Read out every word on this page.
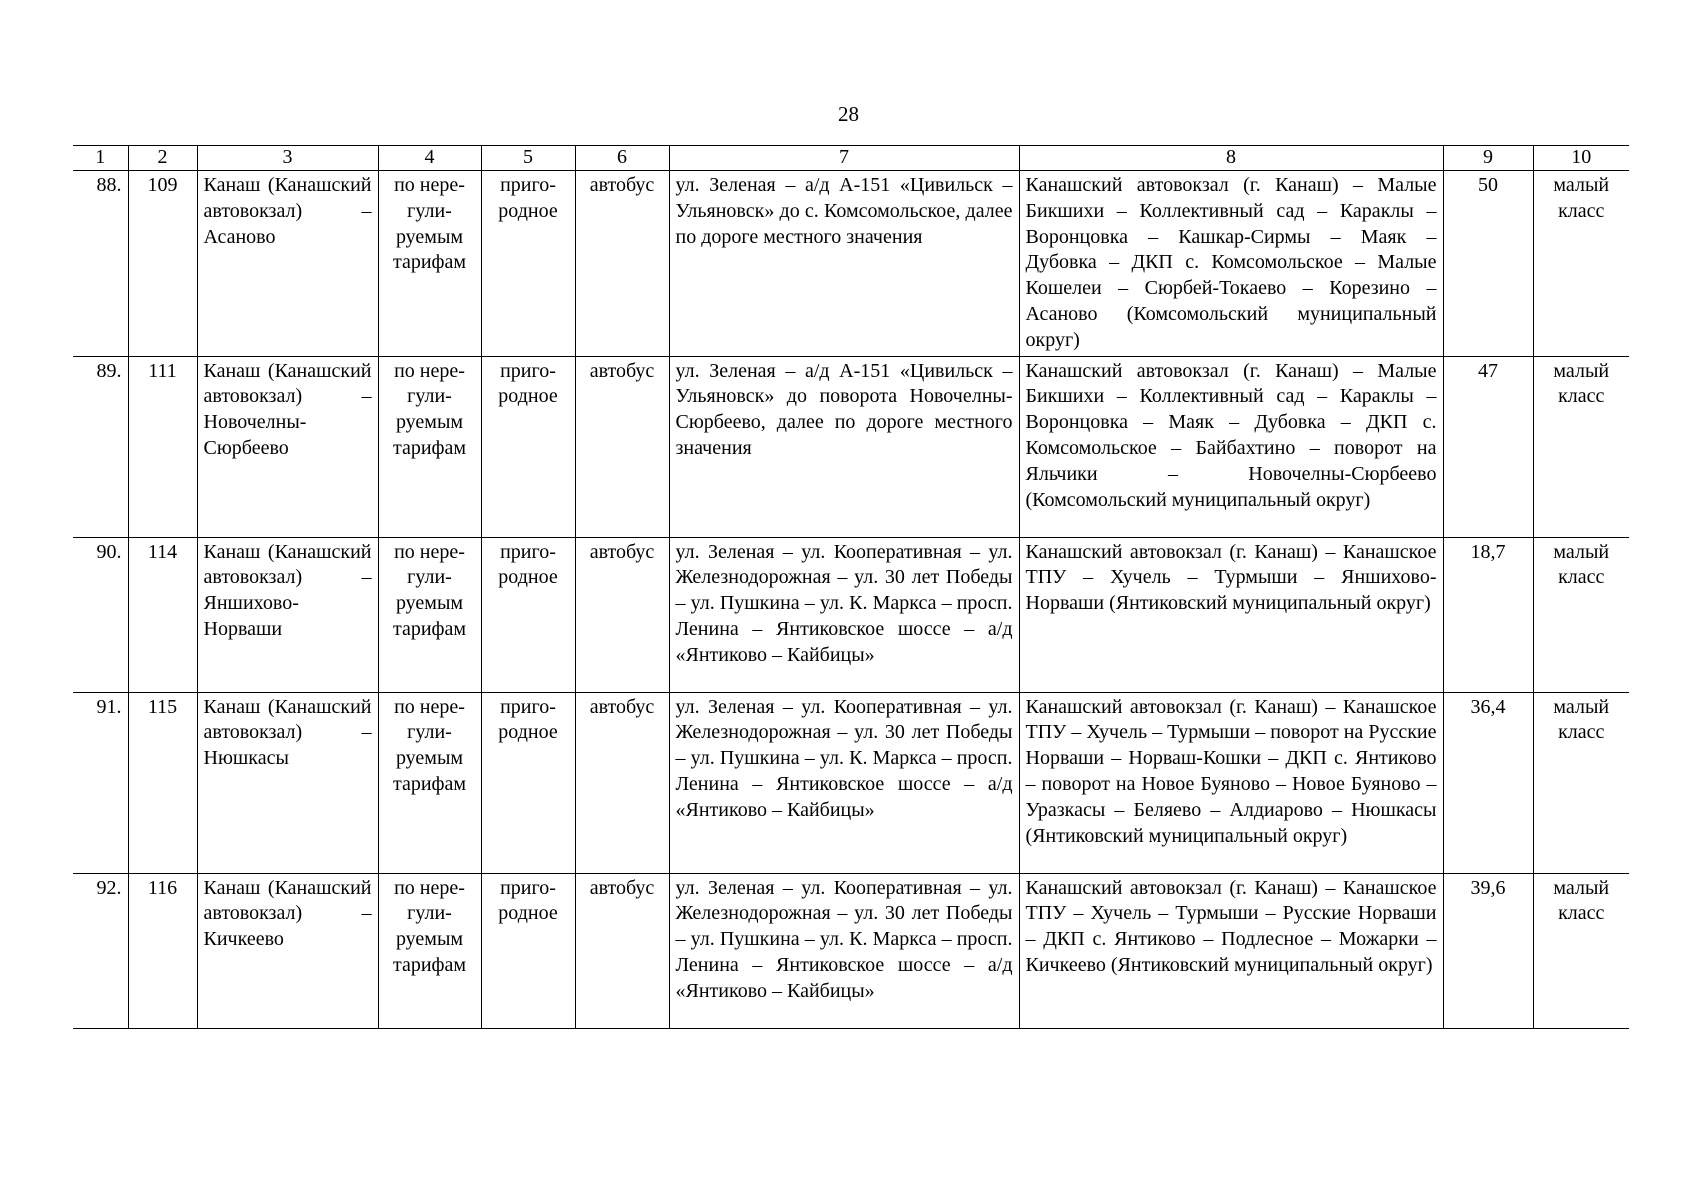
28
1	2	3	4	5	6	7	8	9	10
88.	109	Канаш (Канашский автовокзал) – Асаново	по нерегулируемым тарифам	пригородное	автобус	ул. Зеленая – а/д А-151 «Цивильск – Ульяновск» до с. Комсомольское, далее по дороге местного значения	Канашский автовокзал (г. Канаш) – Малые Бикшихи – Коллективный сад – Караклы – Воронцовка – Кашкар-Сирмы – Маяк – Дубовка – ДКП с. Комсомольское – Малые Кошелеи – Сюрбей-Токаево – Корезино – Асаново (Комсомольский муниципальный округ)	50	малый класс
89.	111	Канаш (Канашский автовокзал) – Новочелны-Сюрбеево	по нерегулируемым тарифам	пригородное	автобус	ул. Зеленая – а/д А-151 «Цивильск – Ульяновск» до поворота Новочелны-Сюрбеево, далее по дороге местного значения	Канашский автовокзал (г. Канаш) – Малые Бикшихи – Коллективный сад – Караклы – Воронцовка – Маяк – Дубовка – ДКП с. Комсомольское – Байбахтино – поворот на Яльчики – Новочелны-Сюрбеево (Комсомольский муниципальный округ)	47	малый класс
90.	114	Канаш (Канашский автовокзал) – Яншихово-Норваши	по нерегулируемым тарифам	пригородное	автобус	ул. Зеленая – ул. Кооперативная – ул. Железнодорожная – ул. 30 лет Победы – ул. Пушкина – ул. К. Маркса – просп. Ленина – Янтиковское шоссе – а/д «Янтиково – Кайбицы»	Канашский автовокзал (г. Канаш) – Канашское ТПУ – Хучель – Турмыши – Яншихово-Норваши (Янтиковский муниципальный округ)	18,7	малый класс
91.	115	Канаш (Канашский автовокзал) – Нюшкасы	по нерегулируемым тарифам	пригородное	автобус	ул. Зеленая – ул. Кооперативная – ул. Железнодорожная – ул. 30 лет Победы – ул. Пушкина – ул. К. Маркса – просп. Ленина – Янтиковское шоссе – а/д «Янтиково – Кайбицы»	Канашский автовокзал (г. Канаш) – Канашское ТПУ – Хучель – Турмыши – поворот на Русские Норваши – Норваш-Кошки – ДКП с. Янтиково – поворот на Новое Буяново – Новое Буяново – Уразкасы – Беляево – Алдиарово – Нюшкасы (Янтиковский муниципальный округ)	36,4	малый класс
92.	116	Канаш (Канашский автовокзал) – Кичкеево	по нерегулируемым тарифам	пригородное	автобус	ул. Зеленая – ул. Кооперативная – ул. Железнодорожная – ул. 30 лет Победы – ул. Пушкина – ул. К. Маркса – просп. Ленина – Янтиковское шоссе – а/д «Янтиково – Кайбицы»	Канашский автовокзал (г. Канаш) – Канашское ТПУ – Хучель – Турмыши – Русские Норваши – ДКП с. Янтиково – Подлесное – Можарки – Кичкеево (Янтиковский муниципальный округ)	39,6	малый класс
